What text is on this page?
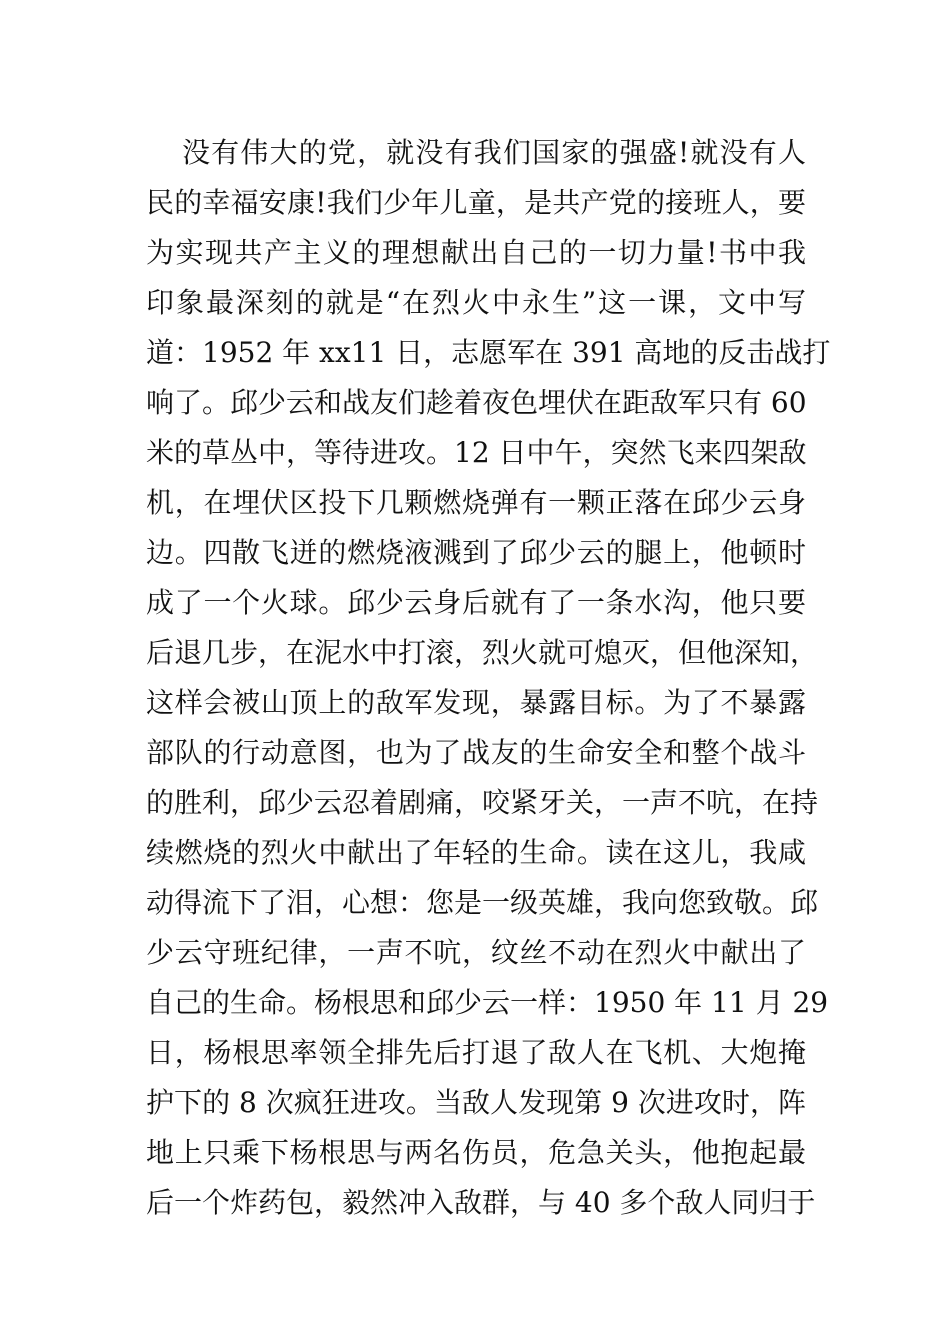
没有伟大的党，就没有我们国家的强盛!就没有人
民的幸福安康!我们少年儿童，是共产党的接班人，要
为实现共产主义的理想献出自己的一切力量!书中我
印象最深刻的就是“在烈火中永生”这一课，文中写
道：1952 年 xx11 日，志愿军在 391 高地的反击战打
响了。邱少云和战友们趁着夜色埋伏在距敌军只有 60
米的草丛中，等待进攻。12 日中午，突然飞来四架敌
机，在埋伏区投下几颗燃烧弹有一颗正落在邱少云身
边。四散飞迸的燃烧液溅到了邱少云的腿上，他顿时
成了一个火球。邱少云身后就有了一条水沟，他只要
后退几步，在泥水中打滚，烈火就可熄灭，但他深知，
这样会被山顶上的敌军发现，暴露目标。为了不暴露
部队的行动意图，也为了战友的生命安全和整个战斗
的胜利，邱少云忍着剧痛，咬紧牙关，一声不吭，在持
续燃烧的烈火中献出了年轻的生命。读在这儿，我咸
动得流下了泪，心想：您是一级英雄，我向您致敬。邱
少云守班纪律，一声不吭，纹丝不动在烈火中献出了
自己的生命。杨根思和邱少云一样：1950 年 11 月 29
日，杨根思率领全排先后打退了敌人在飞机、大炮掩
护下的 8 次疯狂进攻。当敌人发现第 9 次进攻时，阵
地上只乘下杨根思与两名伤员，危急关头，他抱起最
后一个炸药包，毅然冲入敌群，与 40 多个敌人同归于
